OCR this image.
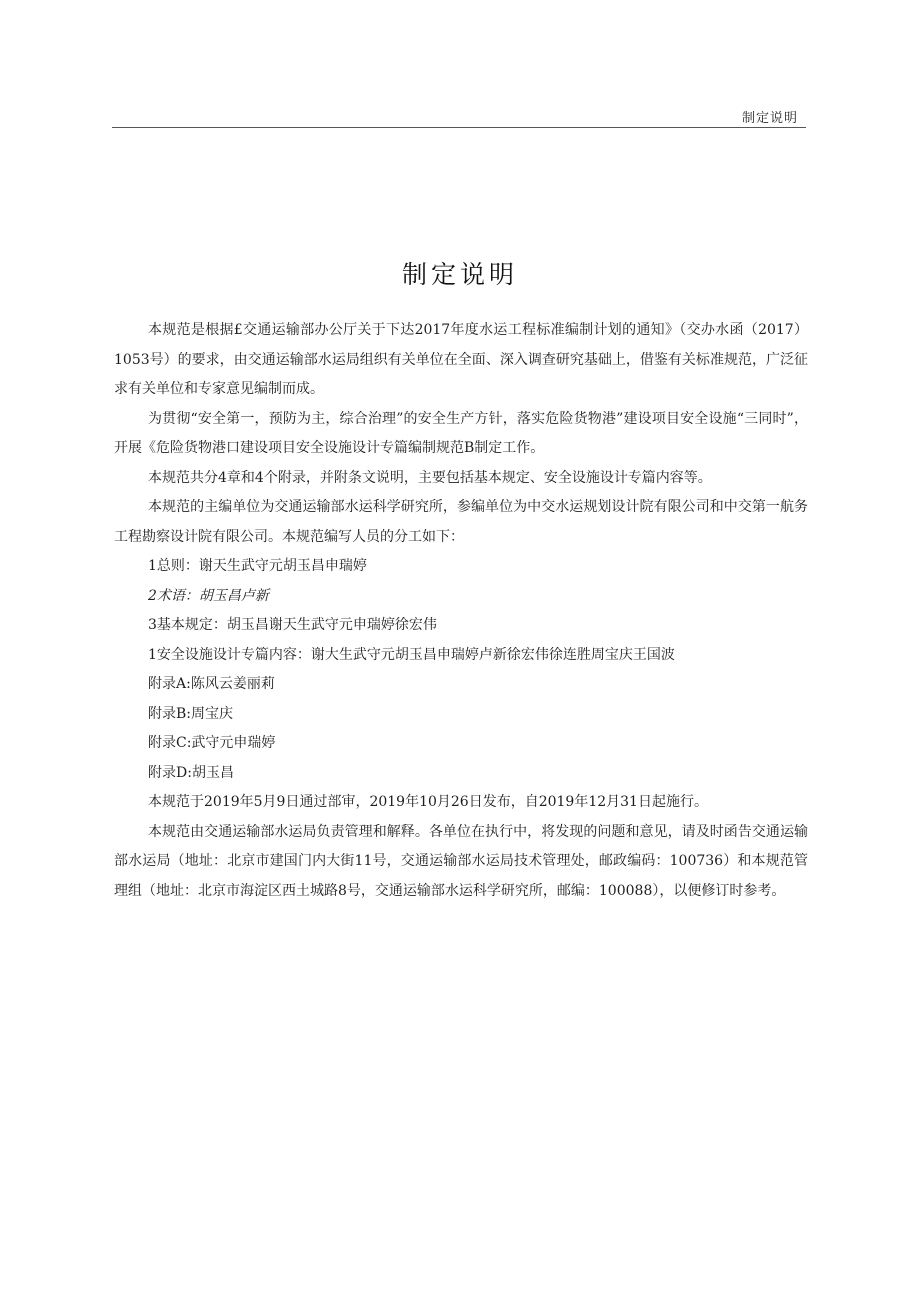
制定说明
制定说明

本规范是根据£交通运输部办公厅关于下达2017年度水运工程标准编制计划的通知》（交办水函（2017）1053号）的要求，由交通运输部水运局组织有关单位在全面、深入调查研究基础上，借鉴有关标准规范，广泛征求有关单位和专家意见编制而成。

为贯彻“安全第一，预防为主，综合治理”的安全生产方针，落实危险货物港”建设项目安全设施“三同时”，开展《危险货物港口建设项目安全设施设计专篇编制规范B制定工作。

本规范共分4章和4个附录，并附条文说明，主要包括基本规定、安全设施设计专篇内容等。

本规范的主编单位为交通运输部水运科学研究所，参编单位为中交水运规划设计院有限公司和中交第一航务工程勘察设计院有限公司。本规范编写人员的分工如下：

1总则：谢天生武守元胡玉昌申瑞婷

2术语：胡玉昌卢新

3基本规定：胡玉昌谢天生武守元申瑞婷徐宏伟

1安全设施设计专篇内容：谢大生武守元胡玉昌申瑞婷卢新徐宏伟徐连胜周宝庆王国波

附录A:陈风云姜丽莉

附录B:周宝庆

附录C:武守元申瑞婷

附录D:胡玉昌

本规范于2019年5月9日通过部审，2019年10月26日发布，自2019年12月31日起施行。

本规范由交通运输部水运局负责管理和解释。各单位在执行中，将发现的问题和意见，请及时函告交通运输部水运局（地址：北京市建国门内大街11号，交通运输部水运局技术管理处，邮政编码：100736）和本规范管理组（地址：北京市海淀区西土城路8号，交通运输部水运科学研究所，邮编：100088），以便修订时参考。
